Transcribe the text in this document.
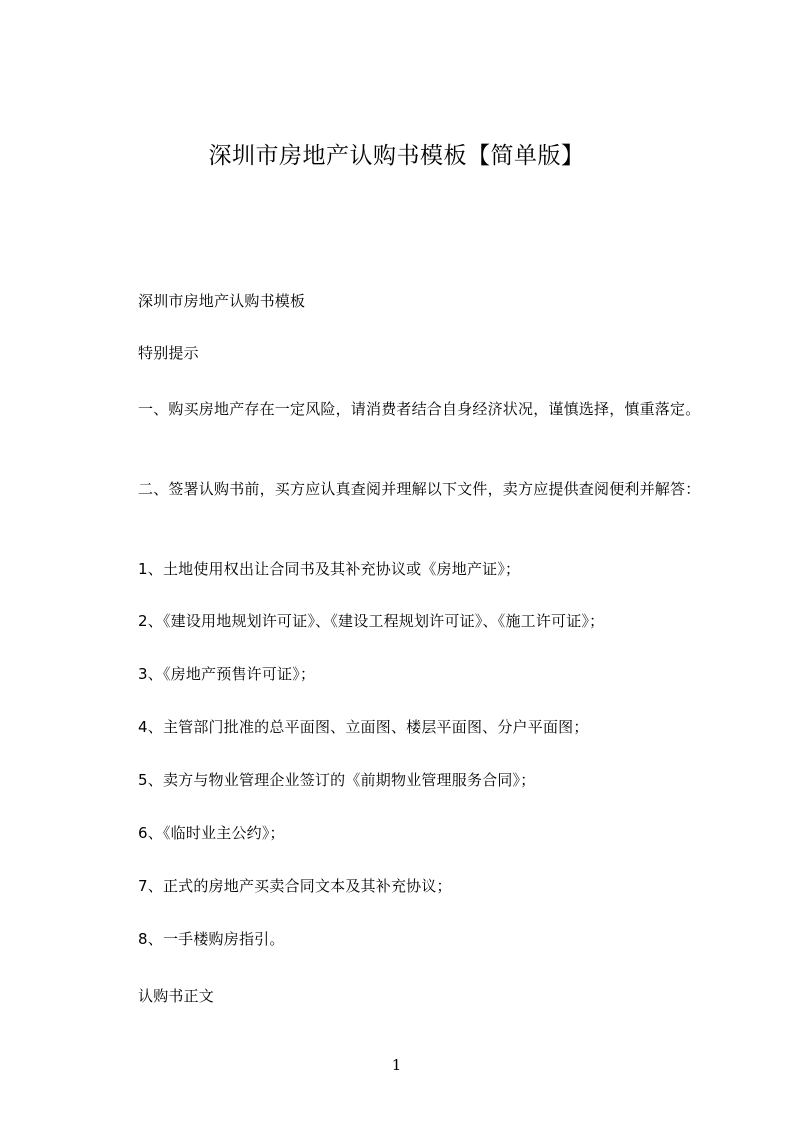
深圳市房地产认购书模板【简单版】

深圳市房地产认购书模板

特别提示

一、购买房地产存在一定风险，请消费者结合自身经济状况，谨慎选择，慎重落定。

二、签署认购书前，买方应认真查阅并理解以下文件，卖方应提供查阅便利并解答：

1、土地使用权出让合同书及其补充协议或《房地产证》；

2、《建设用地规划许可证》、《建设工程规划许可证》、《施工许可证》；

3、《房地产预售许可证》；

4、主管部门批准的总平面图、立面图、楼层平面图、分户平面图；

5、卖方与物业管理企业签订的《前期物业管理服务合同》；

6、《临时业主公约》；

7、正式的房地产买卖合同文本及其补充协议；

8、一手楼购房指引。

认购书正文

1
